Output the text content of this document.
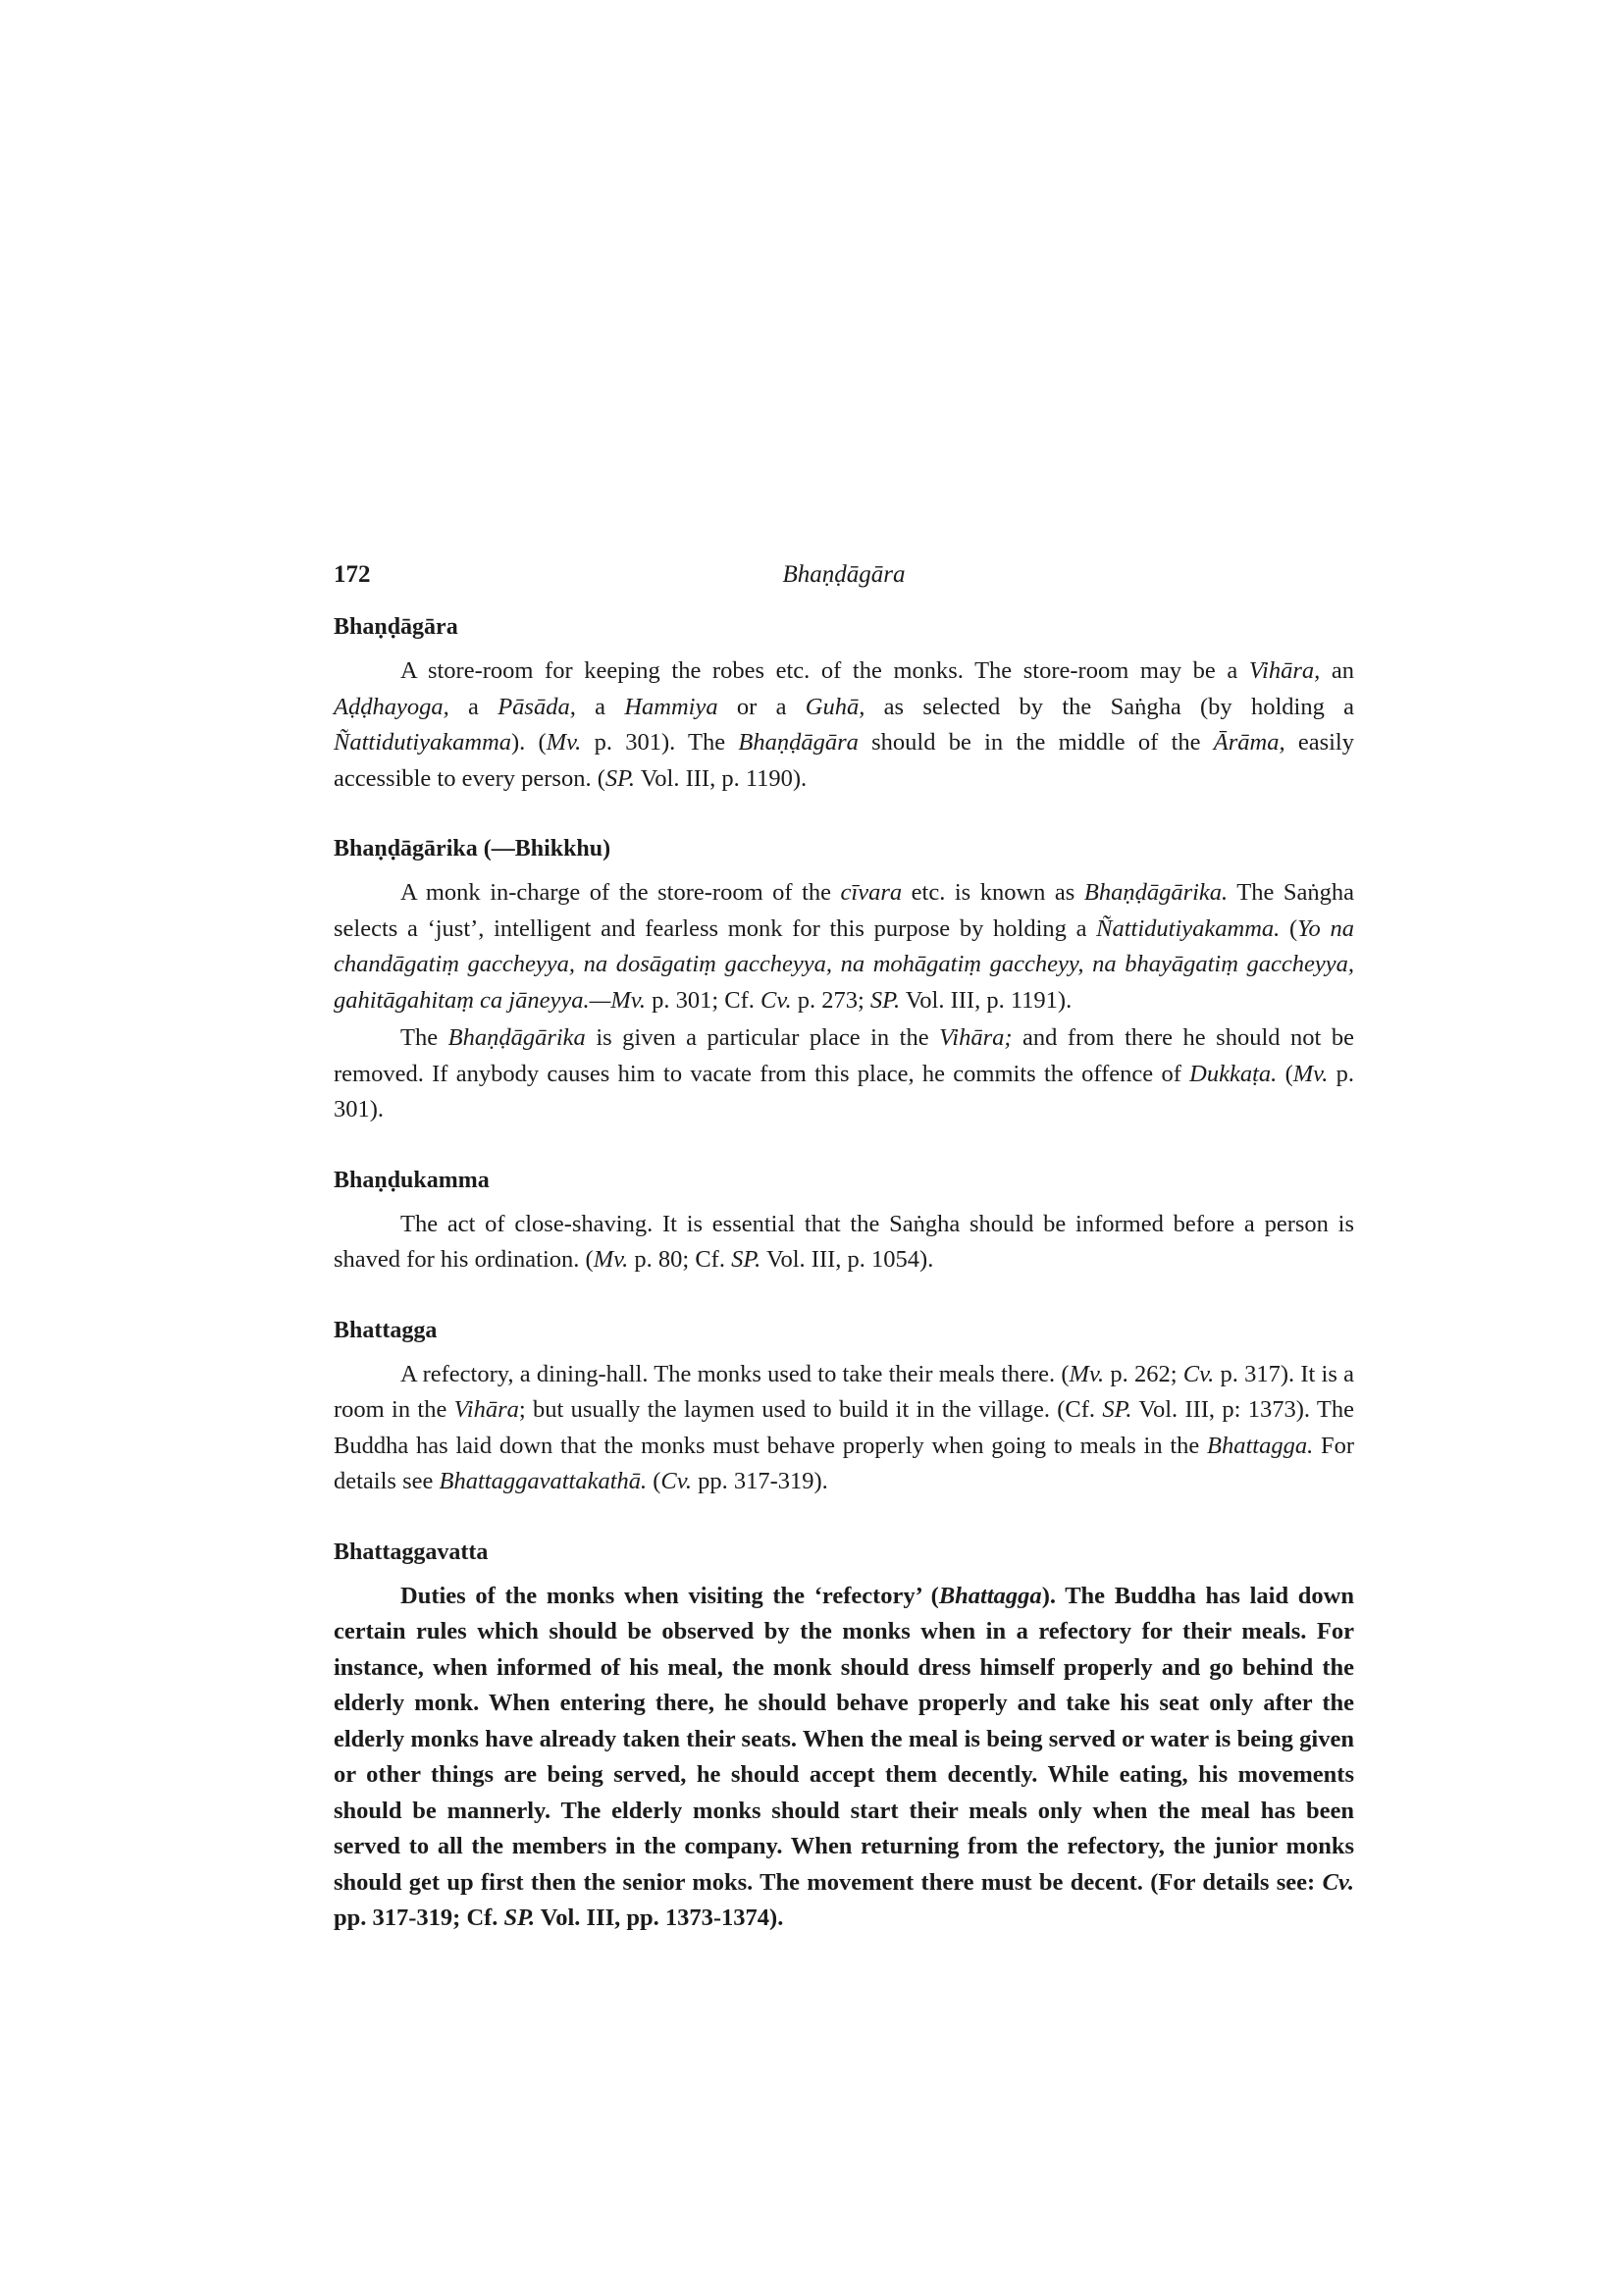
172	Bhaṇḍāgāra
Bhaṇḍāgāra

A store-room for keeping the robes etc. of the monks. The store-room may be a Vihāra, an Aḍḍhayoga, a Pāsāda, a Hammiya or a Guhā, as selected by the Saṅgha (by holding a Ñattidutiyakamma). (Mv. p. 301). The Bhaṇḍāgāra should be in the middle of the Ārāma, easily accessible to every person. (SP. Vol. III, p. 1190).

Bhaṇḍāgārika (—Bhikkhu)

A monk in-charge of the store-room of the cīvara etc. is known as Bhaṇḍāgārika. The Saṅgha selects a ‘just’, intelligent and fearless monk for this purpose by holding a Ñattidutiyakamma. (Yo na chandāgatiṃ gaccheyya, na dosāgatiṃ gaccheyya, na mohāgatiṃ gaccheyy, na bhayāgatiṃ gaccheyya, gahitāgahitaṃ ca jāneyya.—Mv. p. 301; Cf. Cv. p. 273; SP. Vol. III, p. 1191).

The Bhaṇḍāgārika is given a particular place in the Vihāra; and from there he should not be removed. If anybody causes him to vacate from this place, he commits the offence of Dukkaṭa. (Mv. p. 301).

Bhaṇḍukamma

The act of close-shaving. It is essential that the Saṅgha should be informed before a person is shaved for his ordination. (Mv. p. 80; Cf. SP. Vol. III, p. 1054).

Bhattagga

A refectory, a dining-hall. The monks used to take their meals there. (Mv. p. 262; Cv. p. 317). It is a room in the Vihāra; but usually the laymen used to build it in the village. (Cf. SP. Vol. III, p: 1373). The Buddha has laid down that the monks must behave properly when going to meals in the Bhattagga. For details see Bhattaggavattakathā. (Cv. pp. 317-319).

Bhattaggavatta

Duties of the monks when visiting the ‘refectory’ (Bhattagga). The Buddha has laid down certain rules which should be observed by the monks when in a refectory for their meals. For instance, when informed of his meal, the monk should dress himself properly and go behind the elderly monk. When entering there, he should behave properly and take his seat only after the elderly monks have already taken their seats. When the meal is being served or water is being given or other things are being served, he should accept them decently. While eating, his movements should be mannerly. The elderly monks should start their meals only when the meal has been served to all the members in the company. When returning from the refectory, the junior monks should get up first then the senior moks. The movement there must be decent. (For details see: Cv. pp. 317-319; Cf. SP. Vol. III, pp. 1373-1374).
